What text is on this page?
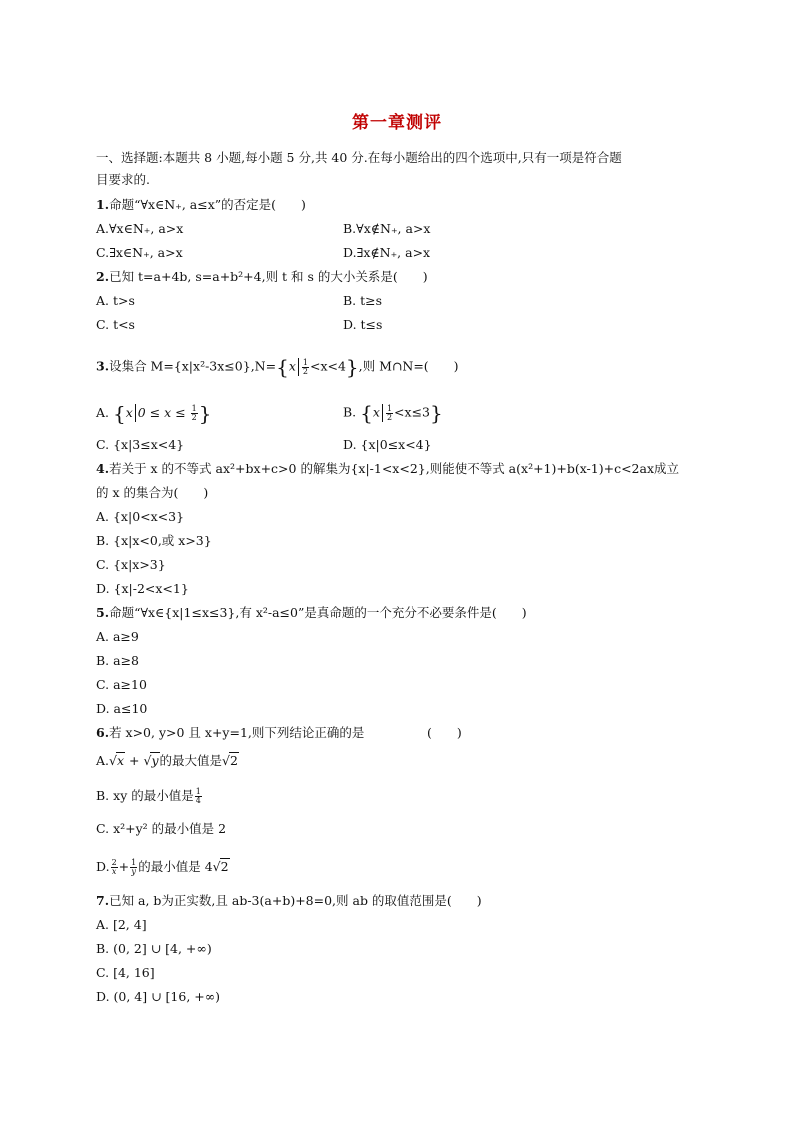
第一章测评
一、选择题:本题共 8 小题,每小题 5 分,共 40 分.在每小题给出的四个选项中,只有一项是符合题
目要求的.
1.命题“∀x∈N₊, a≤x”的否定是(　　)
A.∀x∈N₊, a>x	B.∀x∉N₊, a>x
C.∃x∈N₊, a>x	D.∃x∉N₊, a>x
2.已知 t=a+4b, s=a+b²+4,则 t 和 s 的大小关系是(　　)
A. t>s	B. t≥s
C. t<s	D. t≤s
3.设集合 $M=\{x|x^2-3x\le 0\},N=\{x \frac{1}{2} <x<4\}$,则 M∩N=(　　)
A. {x $0 \le x \le \frac{1}{2}$ }	B. $\{x \frac{1}{2} <x\le 3\}$
C. {x|3≤x<4}	D. {x|0≤x<4}
4.若关于 x 的不等式 ax²+bx+c>0 的解集为{x|-1<x<2},则能使不等式 a(x²+1)+b(x-1)+c<2ax成立
的 x 的集合为(　　)
A. {x|0<x<3}
B. {x|x<0,或 x>3}
C. {x|x>3}
D. {x|-2<x<1}
5.命题“∀x∈{x|1≤x≤3},有 x²-a≤0”是真命题的一个充分不必要条件是(　　)
A. a≥9
B. a≥8
C. a≥10
D. a≤10
6.若 x>0, y>0 且 x+y=1,则下列结论正确的是	(　　)
A.√x + √y的最大值是√2
B. xy 的最小值是 $\frac{1}{4}$
C. x²+y² 的最小值是 2
D. $\frac{2}{x} + \frac{1}{y}$ 的最小值是 4√2
7.已知 a, b为正实数,且 ab-3(a+b)+8=0,则 ab 的取值范围是(　　)
A. [2, 4]
B. (0, 2] ∪ [4, +∞)
C. [4, 16]
D. (0, 4] ∪ [16, +∞)
